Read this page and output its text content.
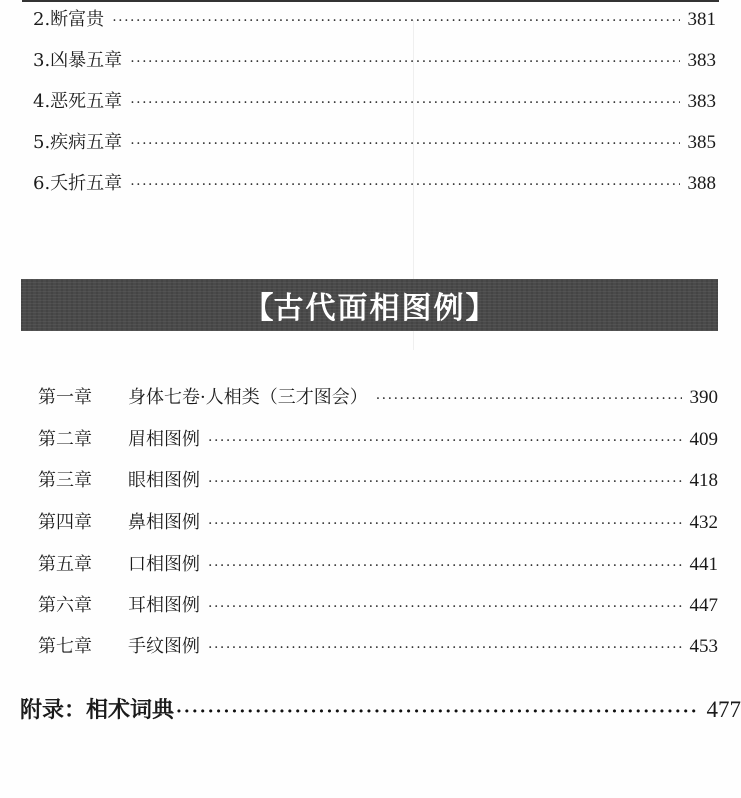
2.断富贵 ·····	381
3.凶暴五章 ·····	383
4.恶死五章 ·····	383
5.疾病五章 ·····	385
6.夭折五章 ·····	388
【 古代面相图例 】
第一章 身体七卷·人相类（三才图会） ·····	390
第二章 眉相图例 ·····	409
第三章 眼相图例 ·····	418
第四章 鼻相图例 ·····	432
第五章 口相图例 ·····	441
第六章 耳相图例 ·····	447
第七章 手纹图例 ·····	453
附录：相术词典 ·····	477
